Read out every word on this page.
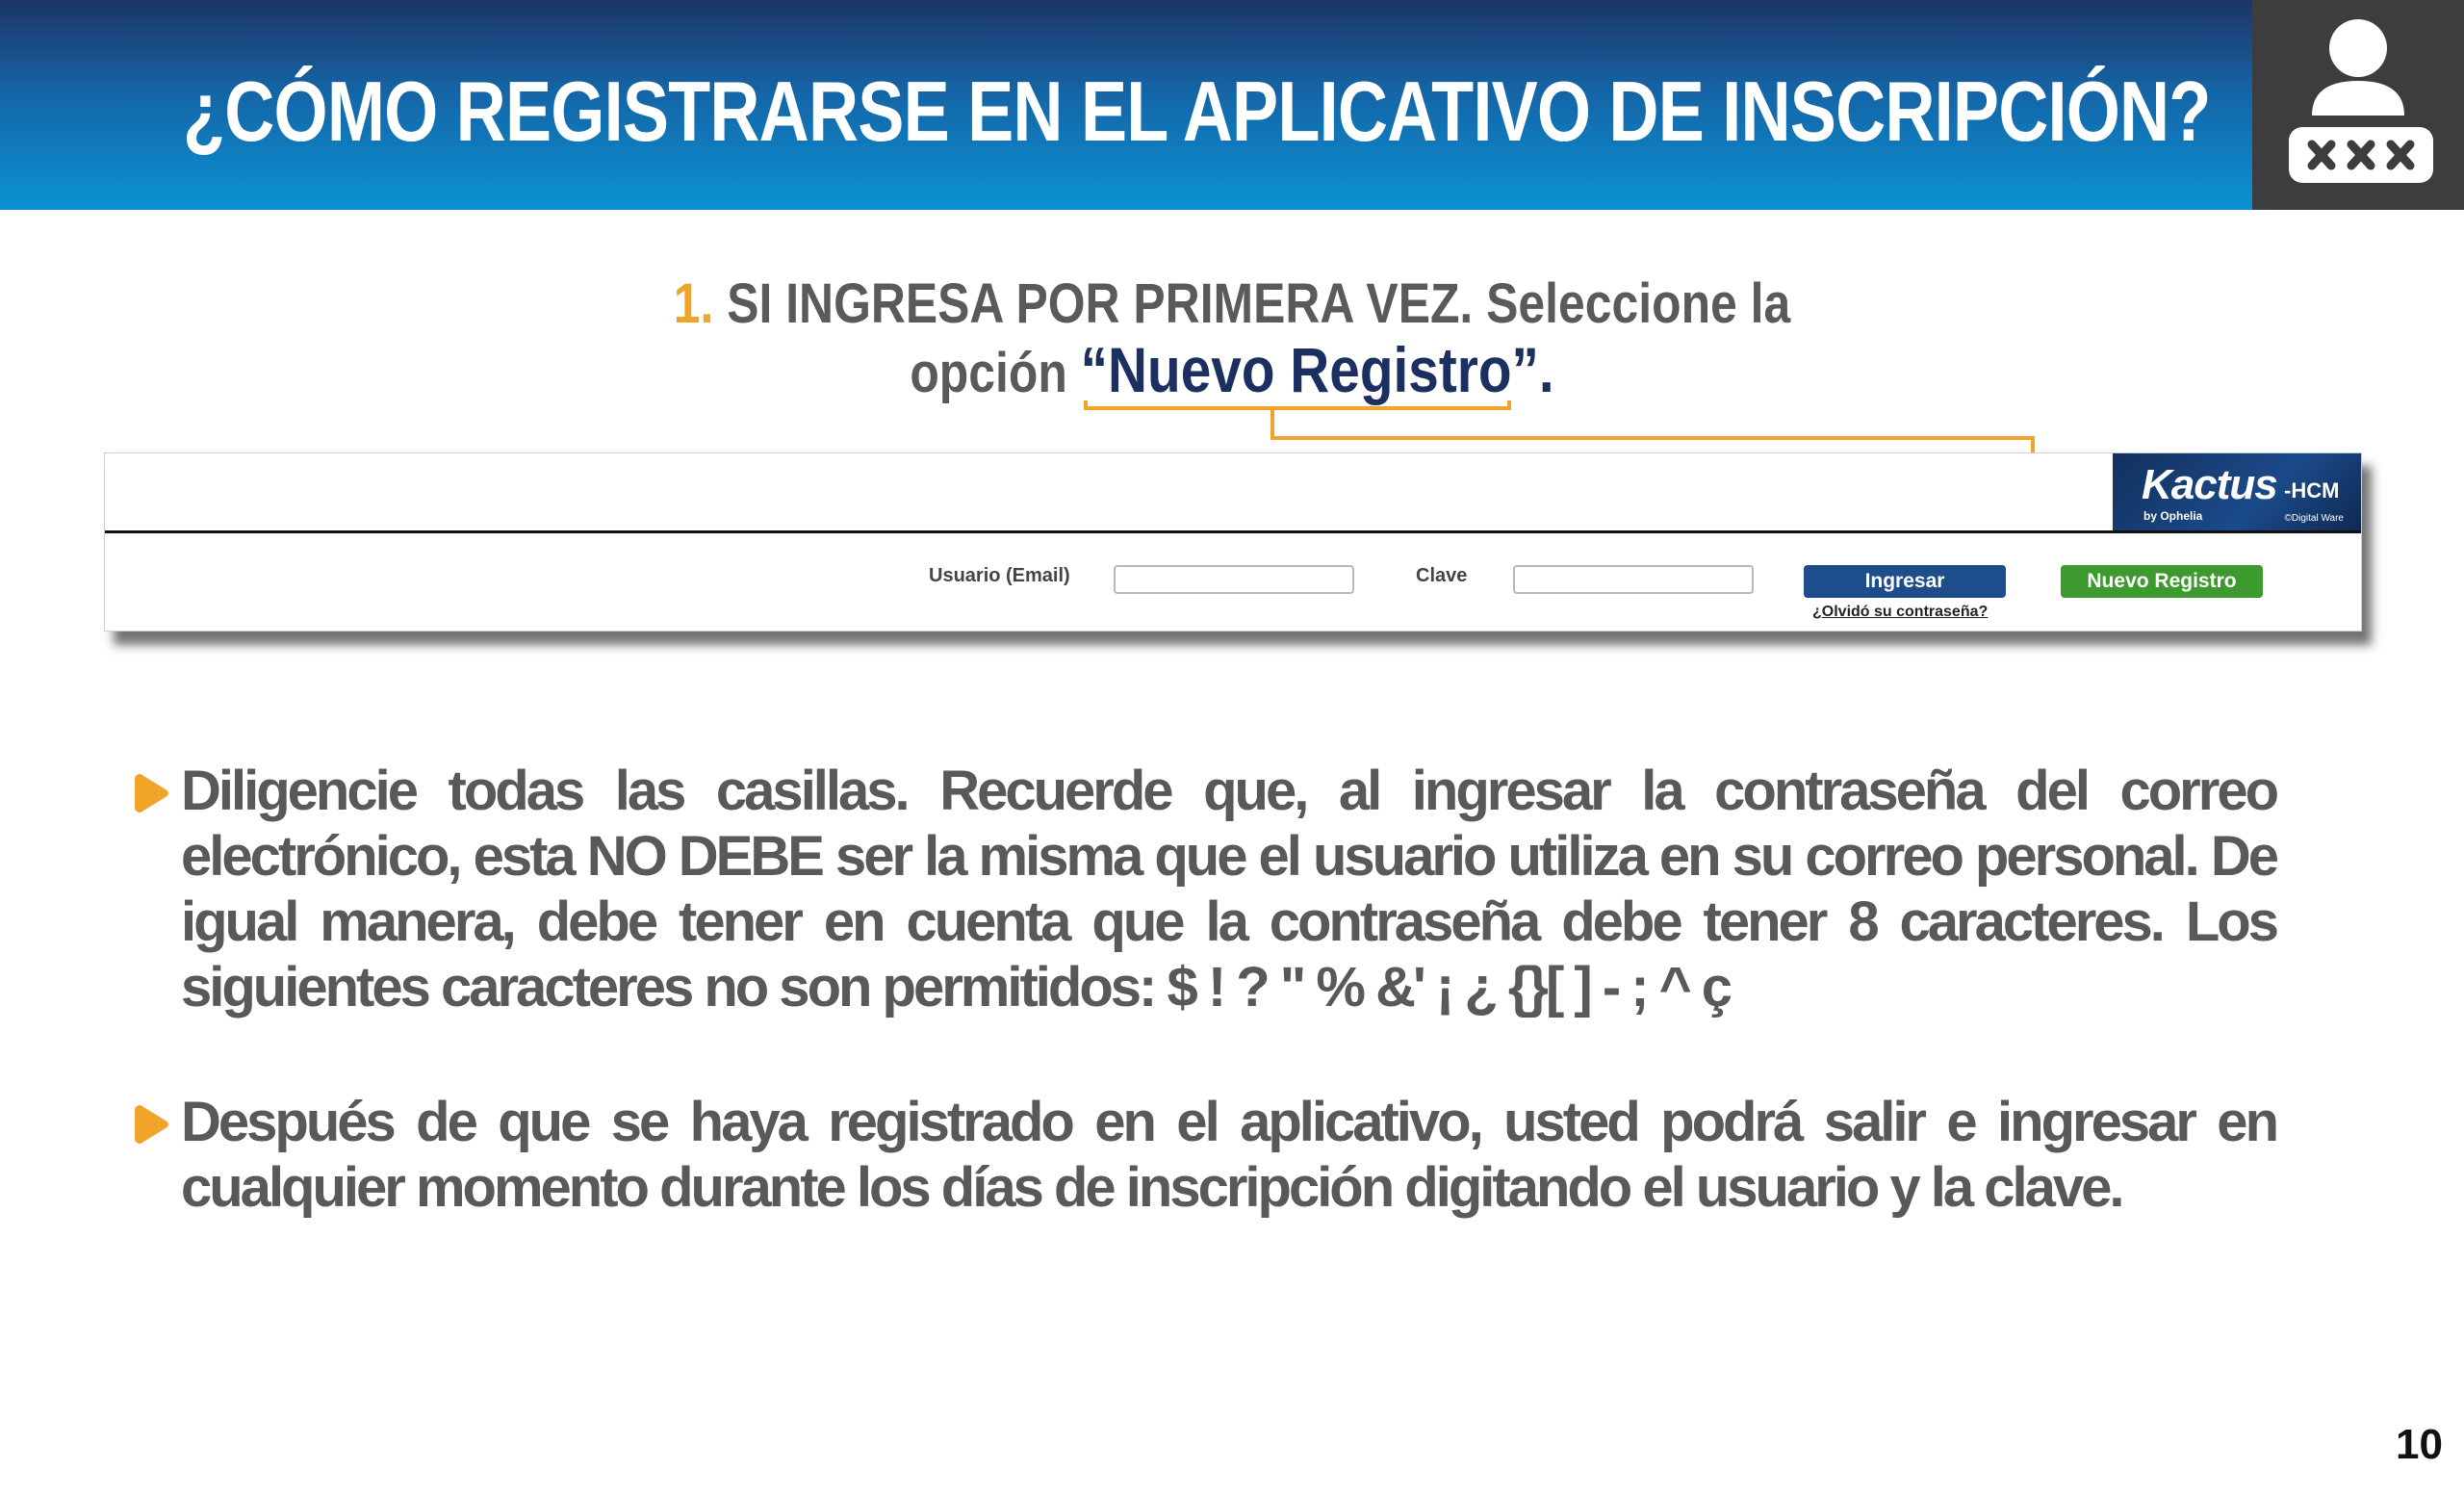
¿CÓMO REGISTRARSE EN EL APLICATIVO DE INSCRIPCIÓN?
1. SI INGRESA POR PRIMERA VEZ. Seleccione la
opción “Nuevo Registro”.
Kactus -HCM
by Ophelia	©Digital Ware
Usuario (Email)	Clave	Ingresar
¿Olvidó su contraseña?
Nuevo Registro
Diligencie todas las casillas. Recuerde que, al ingresar la contraseña del correo electrónico, esta NO DEBE ser la misma que el usuario utiliza en su correo personal. De igual manera, debe tener en cuenta que la contraseña debe tener 8 caracteres. Los siguientes caracteres no son permitidos: $ ! ? " % &' ¡ ¿ {}[ ] - ; ^ ç
Después de que se haya registrado en el aplicativo, usted podrá salir e ingresar en cualquier momento durante los días de inscripción digitando el usuario y la clave.
10
